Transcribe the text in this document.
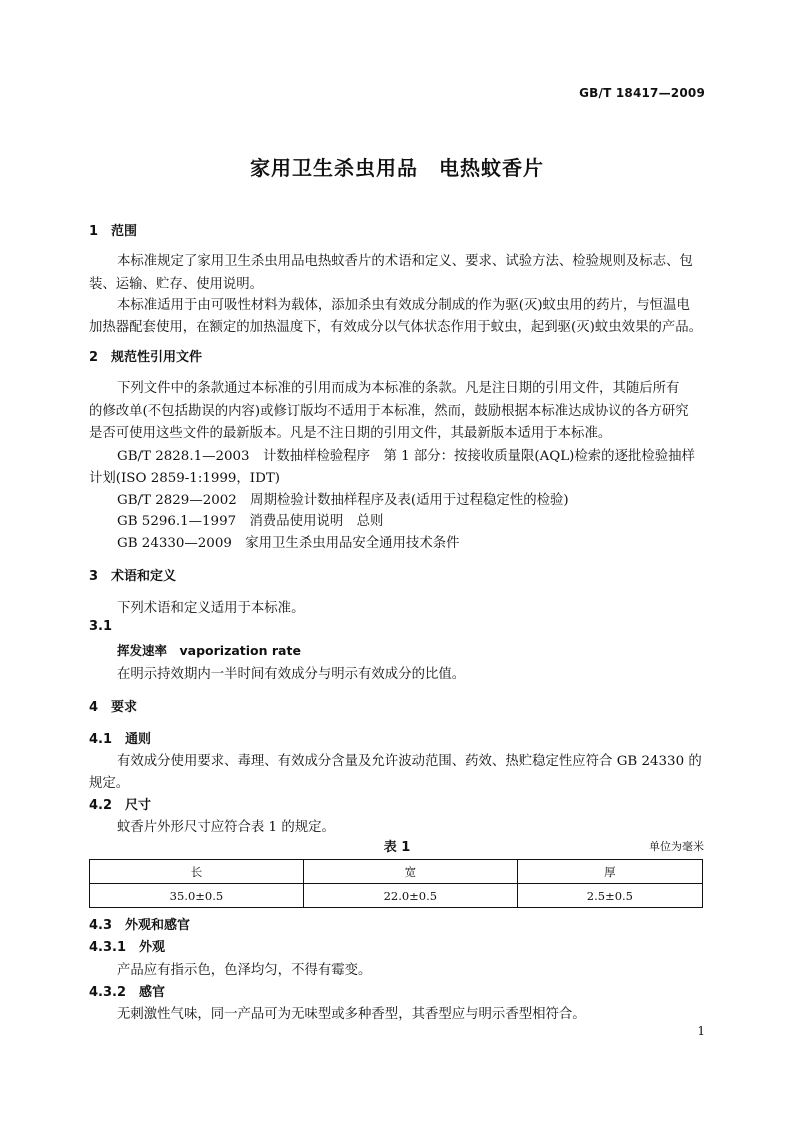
GB/T 18417—2009
家用卫生杀虫用品　电热蚊香片
1 范围
本标准规定了家用卫生杀虫用品电热蚊香片的术语和定义、要求、试验方法、检验规则及标志、包
装、运输、贮存、使用说明。
本标准适用于由可吸性材料为载体，添加杀虫有效成分制成的作为驱(灭)蚊虫用的药片，与恒温电
加热器配套使用，在额定的加热温度下，有效成分以气体状态作用于蚊虫，起到驱(灭)蚊虫效果的产品。
2 规范性引用文件
下列文件中的条款通过本标准的引用而成为本标准的条款。凡是注日期的引用文件，其随后所有
的修改单(不包括勘误的内容)或修订版均不适用于本标准，然而，鼓励根据本标准达成协议的各方研究
是否可使用这些文件的最新版本。凡是不注日期的引用文件，其最新版本适用于本标准。
GB/T 2828.1—2003　计数抽样检验程序　第 1 部分：按接收质量限(AQL)检索的逐批检验抽样
计划(ISO 2859-1:1999，IDT)
GB/T 2829—2002　周期检验计数抽样程序及表(适用于过程稳定性的检验)
GB 5296.1—1997　消费品使用说明　总则
GB 24330—2009　家用卫生杀虫用品安全通用技术条件
3 术语和定义
下列术语和定义适用于本标准。
3.1
挥发速率　vaporization rate
在明示持效期内一半时间有效成分与明示有效成分的比值。
4 要求
4.1 通则
有效成分使用要求、毒理、有效成分含量及允许波动范围、药效、热贮稳定性应符合 GB 24330 的
规定。
4.2 尺寸
蚊香片外形尺寸应符合表 1 的规定。
表 1	单位为毫米
长	宽	厚
35.0±0.5	22.0±0.5	2.5±0.5
4.3 外观和感官
4.3.1 外观
产品应有指示色，色泽均匀，不得有霉变。
4.3.2 感官
无刺激性气味，同一产品可为无味型或多种香型，其香型应与明示香型相符合。
1
